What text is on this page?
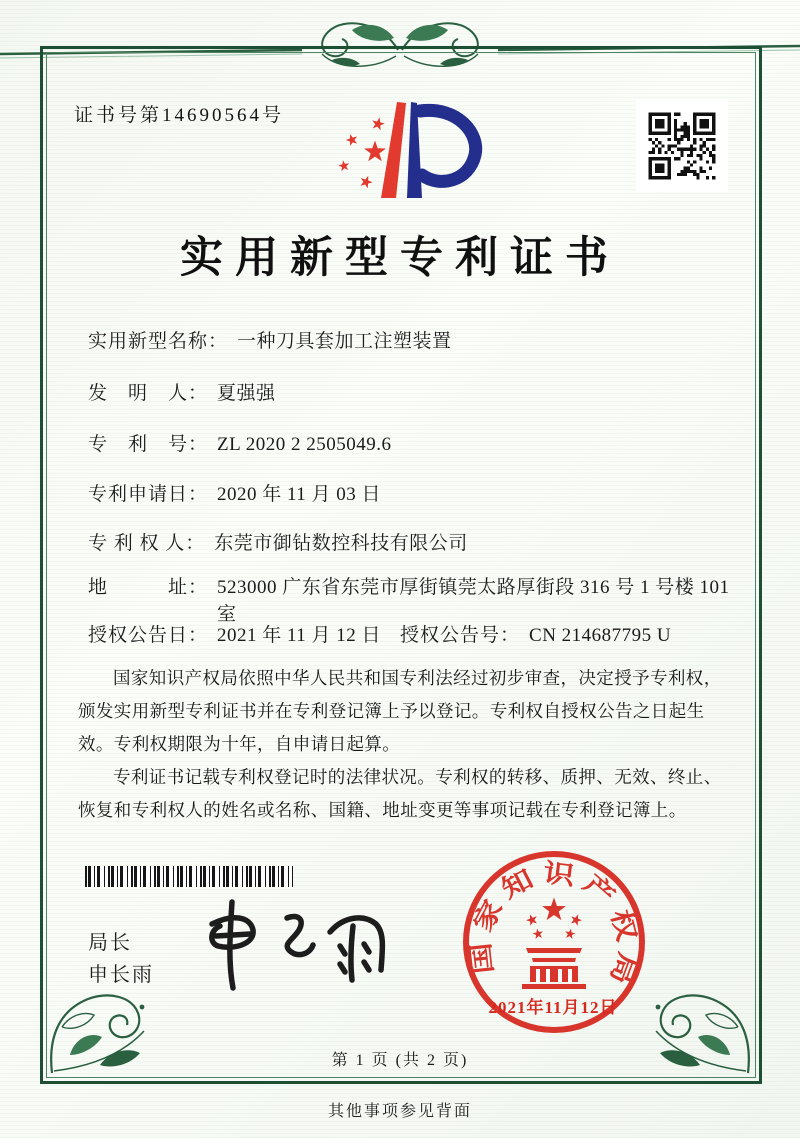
证书号第14690564号
实用新型专利证书
实用新型名称： 一种刀具套加工注塑装置
发　明　人： 夏强强
专　利　号： ZL 2020 2 2505049.6
专利申请日： 2020 年 11 月 03 日
专 利 权 人： 东莞市御钻数控科技有限公司
地　　　址： 523000 广东省东莞市厚街镇莞太路厚街段 316 号 1 号楼 101 室
授权公告日： 2021 年 11 月 12 日 授权公告号： CN 214687795 U

国家知识产权局依照中华人民共和国专利法经过初步审查，决定授予专利权，颁发实用新型专利证书并在专利登记簿上予以登记。专利权自授权公告之日起生效。专利权期限为十年，自申请日起算。

专利证书记载专利权登记时的法律状况。专利权的转移、质押、无效、终止、恢复和专利权人的姓名或名称、国籍、地址变更等事项记载在专利登记簿上。

局长
申长雨	国家知识产权局
2021年11月12日
第 1 页 (共 2 页)
其他事项参见背面
